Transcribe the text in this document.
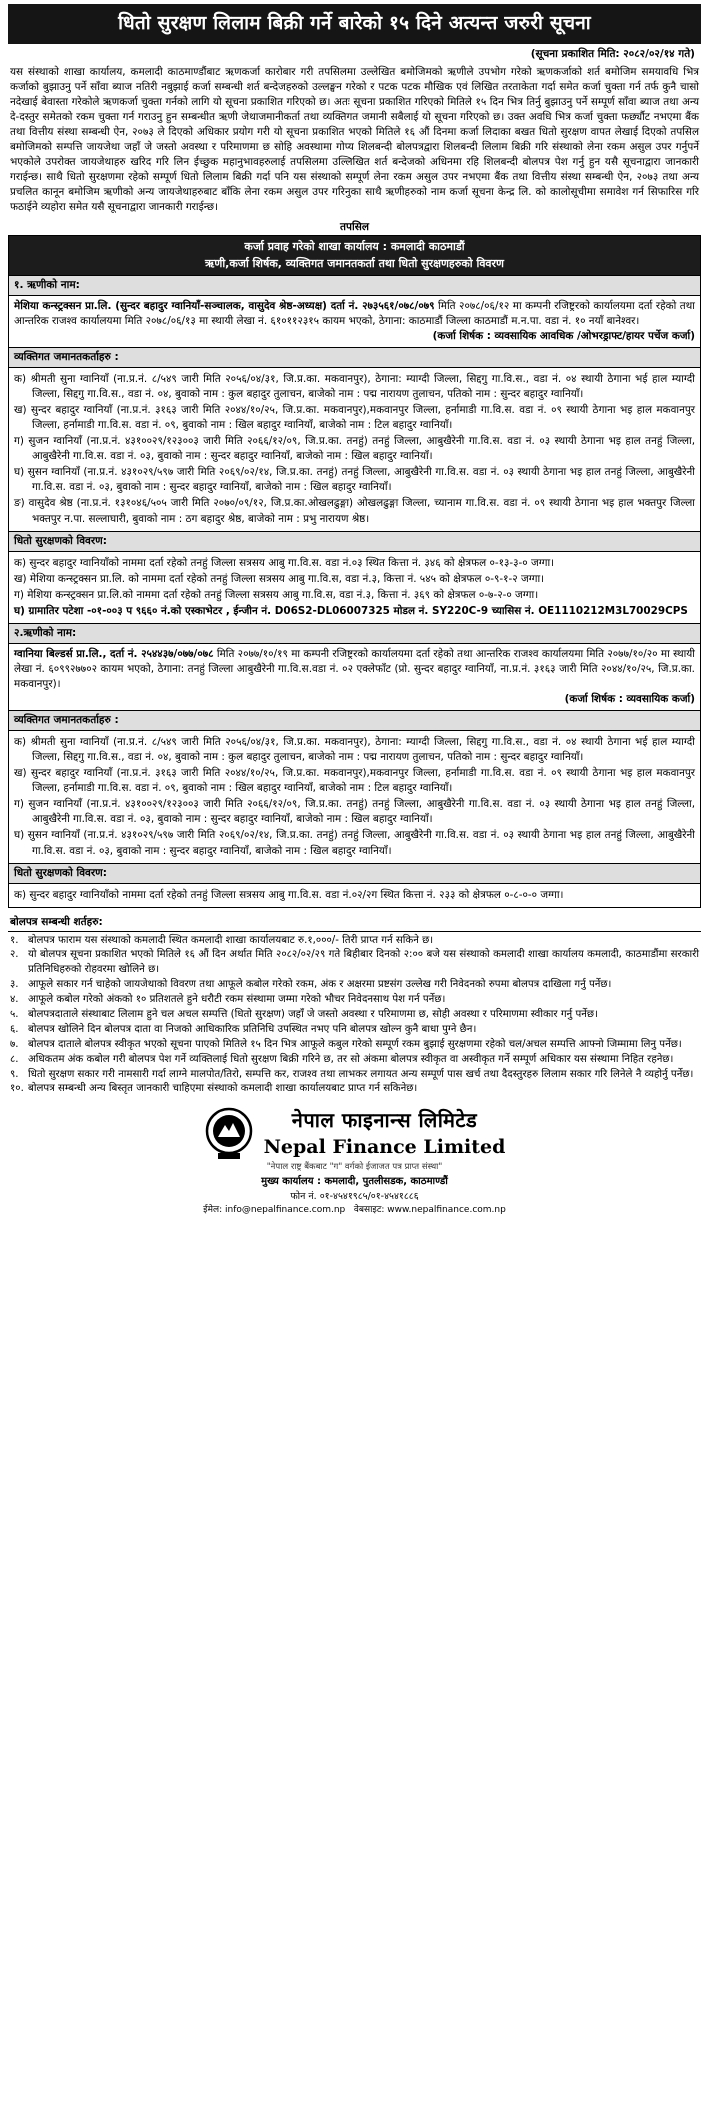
धितो सुरक्षण लिलाम बिक्री गर्ने बारेको १५ दिने अत्यन्त जरुरी सूचना
(सूचना प्रकाशित मिति: २०८२/०२/१४ गते)

यस संस्थाको शाखा कार्यालय, कमलादी काठमाण्डौंबाट ऋणकर्जा कारोबार गरी तपसिलमा उल्लेखित बमोजिमको ऋणीले उपभोग गरेको ऋणकर्जाको शर्त बमोजिम समयावधि भित्र कर्जाको बुझाउनु पर्ने साँवा ब्याज नतिरी नबुझाई कर्जा सम्बन्धी शर्त बन्देजहरुको उल्लङ्घन गरेको र पटक पटक मौखिक एवं लिखित तरताकेता गर्दा समेत कर्जा चुक्ता गर्न तर्फ कुनै चासो नदेखाई बेवास्ता गरेकोले ऋणकर्जा चुक्ता गर्नको लागि यो सूचना प्रकाशित गरिएको छ। अतः सूचना प्रकाशित गरिएको मितिले १५ दिन भित्र तिर्नु बुझाउनु पर्ने सम्पूर्ण साँवा ब्याज तथा अन्य दे-दस्तुर समेतको रकम चुक्ता गर्न गराउनु हुन सम्बन्धीत ऋणी जेथाजमानीकर्ता तथा व्यक्तिगत जमानी सबैलाई यो सूचना गरिएको छ। उक्त अवधि भित्र कर्जा चुक्ता फर्छ्यौट नभएमा बैंक तथा वित्तीय संस्था सम्बन्धी ऐन, २०७३ ले दिएको अधिकार प्रयोग गरी यो सूचना प्रकाशित भएको मितिले १६ औं दिनमा कर्जा लिदाका बखत धितो सुरक्षण वापत लेखाई दिएको तपसिल बमोजिमको सम्पत्ति जायजेथा जहाँ जे जस्तो अवस्था र परिमाणमा छ सोहि अवस्थामा गोप्य शिलबन्दी बोलपत्रद्वारा शिलबन्दी लिलाम बिक्री गरि संस्थाको लेना रकम असुल उपर गर्नुपर्ने भएकोले उपरोक्त जायजेथाहरु खरिद गरि लिन ईच्छुक महानुभावहरुलाई तपसिलमा उल्लिखित शर्त बन्देजको अधिनमा रहि शिलबन्दी बोलपत्र पेश गर्नु हुन यसै सूचनाद्वारा जानकारी गराईन्छ। साथै धितो सुरक्षणमा रहेको सम्पूर्ण धितो लिलाम बिक्री गर्दा पनि यस संस्थाको सम्पूर्ण लेना रकम असुल उपर नभएमा बैंक तथा वित्तीय संस्था सम्बन्धी ऐन, २०७३ तथा अन्य प्रचलित कानून बमोजिम ऋणीको अन्य जायजेथाहरुबाट बाँकि लेना रकम असुल उपर गरिनुका साथै ऋणीहरुको नाम कर्जा सूचना केन्द्र लि. को कालोसूचीमा समावेश गर्न सिफारिस गरि फठाईने व्यहोरा समेत यसै सूचनाद्वारा जानकारी गराईन्छ।

तपसिल
कर्जा प्रवाह गरेको शाखा कार्यालय : कमलादी काठमाडौं
ऋणी,कर्जा शिर्षक, व्यक्तिगत जमानतकर्ता तथा धितो सुरक्षणहरुको विवरण
१. ऋणीको नाम:
मेशिया कन्स्ट्रक्सन प्रा.लि. (सुन्दर बहादुर ग्वानियाँ-सञ्चालक, वासुदेव श्रेष्ठ-अध्यक्ष) दर्ता नं. २७३५६१/०७८/०७९ मिति २०७८/०६/१२ मा कम्पनी रजिष्ट्ररको कार्यालयमा दर्ता रहेको तथा आन्तरिक राजश्व कार्यालयमा मिति २०७८/०६/१३ मा स्थायी लेखा नं. ६१०११२३१५ कायम भएको, ठेगाना: काठमाडौं जिल्ला काठमाडौं म.न.पा. वडा नं. १० नयाँ बानेश्वर।
(कर्जा शिर्षक : व्यवसायिक आवधिक /ओभरड्राफ्ट/हायर पर्चेज कर्जा)
व्यक्तिगत जमानतकर्ताहरु :

क) श्रीमती सुना ग्वानियाँ (ना.प्र.नं. ८/५४९ जारी मिति २०५६/०४/३१, जि.प्र.का. मकवानपुर), ठेगाना: म्याग्दी जिल्ला, सिद्दगु गा.वि.स., वडा नं. ०४ स्थायी ठेगाना भई हाल म्याग्दी जिल्ला, सिद्दगु गा.वि.स., वडा नं. ०४, बुवाको नाम : कुल बहादुर तुलाचन, बाजेको नाम : पद्म नारायण तुलाचन, पतिको नाम : सुन्दर बहादुर ग्वानियाँ।

ख) सुन्दर बहादुर ग्वानियाँ (ना.प्र.नं. ३१६३ जारी मिति २०४४/१०/२५, जि.प्र.का. मकवानपुर),मकवानपुर जिल्ला, हर्नामाडी गा.वि.स. वडा नं. ०९ स्थायी ठेगाना भइ हाल मकवानपुर जिल्ला, हर्नामाडी गा.वि.स. वडा नं. ०९, बुवाको नाम : खिल बहादुर ग्वानियाँ, बाजेको नाम : टिल बहादुर ग्वानियाँ।

ग) सुजन ग्वानियाँ (ना.प्र.नं. ४३१००२९/१२३००३ जारी मिति २०६६/१२/०९, जि.प्र.का. तनहुं) तनहुं जिल्ला, आबुखैरेनी गा.वि.स. वडा नं. ०३ स्थायी ठेगाना भइ हाल तनहुं जिल्ला, आबुखैरेनी गा.वि.स. वडा नं. ०३, बुवाको नाम : सुन्दर बहादुर ग्वानियाँ, बाजेको नाम : खिल बहादुर ग्वानियाँ।

घ) सुसन ग्वानियाँ (ना.प्र.नं. ४३१०२९/५९७ जारी मिति २०६९/०२/१४, जि.प्र.का. तनहुं) तनहुं जिल्ला, आबुखैरेनी गा.वि.स. वडा नं. ०३ स्थायी ठेगाना भइ हाल तनहुं जिल्ला, आबुखैरेनी गा.वि.स. वडा नं. ०३, बुवाको नाम : सुन्दर बहादुर ग्वानियाँ, बाजेको नाम : खिल बहादुर ग्वानियाँ।

ङ) वासुदेव श्रेष्ठ (ना.प्र.नं. १३१०४६/५०५ जारी मिति २०७०/०९/१२, जि.प्र.का.ओखलढुङ्गा) ओखलढुङ्गा जिल्ला, च्यानाम गा.वि.स. वडा नं. ०९ स्थायी ठेगाना भइ हाल भक्तपुर जिल्ला भक्तपुर न.पा. सल्लाघारी, बुवाको नाम : ठग बहादुर श्रेष्ठ, बाजेको नाम : प्रभु नारायण श्रेष्ठ।

धितो सुरक्षणको विवरण:

क) सुन्दर बहादुर ग्वानियाँको नाममा दर्ता रहेको तनहुं जिल्ला सत्रसय आबु गा.वि.स. वडा नं.०३ स्थित कित्ता नं. ३४६ को क्षेत्रफल ०-१३-३-० जग्गा।

ख) मेशिया कन्स्ट्रक्सन प्रा.लि. को नाममा दर्ता रहेको तनहुं जिल्ला सत्रसय आबु गा.वि.स, वडा नं.३, कित्ता नं. ५४५ को क्षेत्रफल ०-९-१-२ जग्गा।

ग) मेशिया कन्स्ट्रक्सन प्रा.लि.को नाममा दर्ता रहेको तनहुं जिल्ला सत्रसय आबु गा.वि.स, वडा नं.३, कित्ता नं. ३६९ को क्षेत्रफल ०-७-२-० जग्गा।

घ) ग्रामातिर पटेशा -०१-००३ प ९६६० नं.को एस्काभेटर , ईन्जीन नं. D06S2-DL06007325 मोडल नं. SY220C-9 च्यासिस नं. OE1110212M3L70029CPS

२.ऋणीको नाम:
ग्वानिया बिल्डर्स प्रा.लि., दर्ता नं. २५४४३७/०७७/०७८ मिति २०७७/१०/१९ मा कम्पनी रजिष्ट्ररको कार्यालयमा दर्ता रहेको तथा आन्तरिक राजश्व कार्यालयमा मिति २०७७/१०/२० मा स्थायी लेखा नं. ६०९९२७७०२ कायम भएको, ठेगाना: तनहुं जिल्ला आबुखैरेनी गा.वि.स.वडा नं. ०२ एक्लेफाँट (प्रो. सुन्दर बहादुर ग्वानियाँ, ना.प्र.नं. ३१६३ जारी मिति २०४४/१०/२५, जि.प्र.का. मकवानपुर)।
(कर्जा शिर्षक : व्यवसायिक कर्जा)
व्यक्तिगत जमानतकर्ताहरु :

क) श्रीमती सुना ग्वानियाँ (ना.प्र.नं. ८/५४९ जारी मिति २०५६/०४/३१, जि.प्र.का. मकवानपुर), ठेगाना: म्याग्दी जिल्ला, सिद्दगु गा.वि.स., वडा नं. ०४ स्थायी ठेगाना भई हाल म्याग्दी जिल्ला, सिद्दगु गा.वि.स., वडा नं. ०४, बुवाको नाम : कुल बहादुर तुलाचन, बाजेको नाम : पद्म नारायण तुलाचन, पतिको नाम : सुन्दर बहादुर ग्वानियाँ।

ख) सुन्दर बहादुर ग्वानियाँ (ना.प्र.नं. ३१६३ जारी मिति २०४४/१०/२५, जि.प्र.का. मकवानपुर),मकवानपुर जिल्ला, हर्नामाडी गा.वि.स. वडा नं. ०९ स्थायी ठेगाना भइ हाल मकवानपुर जिल्ला, हर्नामाडी गा.वि.स. वडा नं. ०९, बुवाको नाम : खिल बहादुर ग्वानियाँ, बाजेको नाम : टिल बहादुर ग्वानियाँ।

ग) सुजन ग्वानियाँ (ना.प्र.नं. ४३१००२९/१२३००३ जारी मिति २०६६/१२/०९, जि.प्र.का. तनहुं) तनहुं जिल्ला, आबुखैरेनी गा.वि.स. वडा नं. ०३ स्थायी ठेगाना भइ हाल तनहुं जिल्ला, आबुखैरेनी गा.वि.स. वडा नं. ०३, बुवाको नाम : सुन्दर बहादुर ग्वानियाँ, बाजेको नाम : खिल बहादुर ग्वानियाँ।

घ) सुसन ग्वानियाँ (ना.प्र.नं. ४३१०२९/५९७ जारी मिति २०६९/०२/१४, जि.प्र.का. तनहुं) तनहुं जिल्ला, आबुखैरेनी गा.वि.स. वडा नं. ०३ स्थायी ठेगाना भइ हाल तनहुं जिल्ला, आबुखैरेनी गा.वि.स. वडा नं. ०३, बुवाको नाम : सुन्दर बहादुर ग्वानियाँ, बाजेको नाम : खिल बहादुर ग्वानियाँ।

धितो सुरक्षणको विवरण:

क) सुन्दर बहादुर ग्वानियाँको नाममा दर्ता रहेको तनहुं जिल्ला सत्रसय आबु गा.वि.स. वडा नं.०२/२ग स्थित कित्ता नं. २३३ को क्षेत्रफल ०-८-०-० जग्गा।

बोलपत्र सम्बन्धी शर्तहरु:
१. बोलपत्र फाराम यस संस्थाको कमलादी स्थित कमलादी शाखा कार्यालयबाट रु.१,०००/- तिरी प्राप्त गर्न सकिने छ।
२. यो बोलपत्र सूचना प्रकाशित भएको मितिले १६ औं दिन अर्थात मिति २०८२/०२/२९ गते बिहीबार दिनको २:०० बजे यस संस्थाको कमलादी शाखा कार्यालय कमलादी, काठमाडौंमा सरकारी प्रतिनिधिहरुको रोहवरमा खोलिने छ।
३. आफूले सकार गर्न चाहेको जायजेथाको विवरण तथा आफूले कबोल गरेको रकम, अंक र अक्षरमा प्रष्टसंग उल्लेख गरी निवेदनको रुपमा बोलपत्र दाखिला गर्नु पर्नेछ।
४. आफूले कबोल गरेको अंकको १० प्रतिशतले हुने धरौटी रकम संस्थामा जम्मा गरेको भौचर निवेदनसाथ पेश गर्न पर्नेछ।
५. बोलपत्रदाताले संस्थाबाट लिलाम हुने चल अचल सम्पत्ति (धितो सुरक्षण) जहाँ जे जस्तो अवस्था र परिमाणमा छ, सोही अवस्था र परिमाणमा स्वीकार गर्नु पर्नेछ।
६. बोलपत्र खोलिने दिन बोलपत्र दाता वा निजको आधिकारिक प्रतिनिधि उपस्थित नभए पनि बोलपत्र खोल्न कुनै बाधा पुग्ने छैन।
७. बोलपत्र दाताले बोलपत्र स्वीकृत भएको सूचना पाएको मितिले १५ दिन भित्र आफूले कबुल गरेको सम्पूर्ण रकम बुझाई सुरक्षणमा रहेको चल/अचल सम्पत्ति आफ्नो जिम्मामा लिनु पर्नेछ।
८. अधिकतम अंक कबोल गरी बोलपत्र पेश गर्ने व्यक्तिलाई धितो सुरक्षण बिक्री गरिने छ, तर सो अंकमा बोलपत्र स्वीकृत वा अस्वीकृत गर्ने सम्पूर्ण अधिकार यस संस्थामा निहित रहनेछ।
९. धितो सुरक्षण सकार गरी नामसारी गर्दा लाग्ने मालपोत/तिरो, सम्पत्ति कर, राजश्व तथा लाभकर लगायत अन्य सम्पूर्ण पास खर्च तथा दैदस्तुरहरु लिलाम सकार गरि लिनेले नै व्यहोर्नु पर्नेछ।
१०. बोलपत्र सम्बन्धी अन्य बिस्तृत जानकारी चाहिएमा संस्थाको कमलादी शाखा कार्यालयबाट प्राप्त गर्न सकिनेछ।
नेपाल फाइनान्स लिमिटेड
Nepal Finance Limited
"नेपाल राष्ट्र बैंकबाट "ग" वर्गको ईजाजत पत्र प्राप्त संस्था"
मुख्य कार्यालय : कमलादी, पुतलीसडक, काठमाण्डौं
फोन नं. ०१-४५४१९८५/०१-४५४१८८६
ईमेल: info@nepalfinance.com.np वेबसाइट: www.nepalfinance.com.np
